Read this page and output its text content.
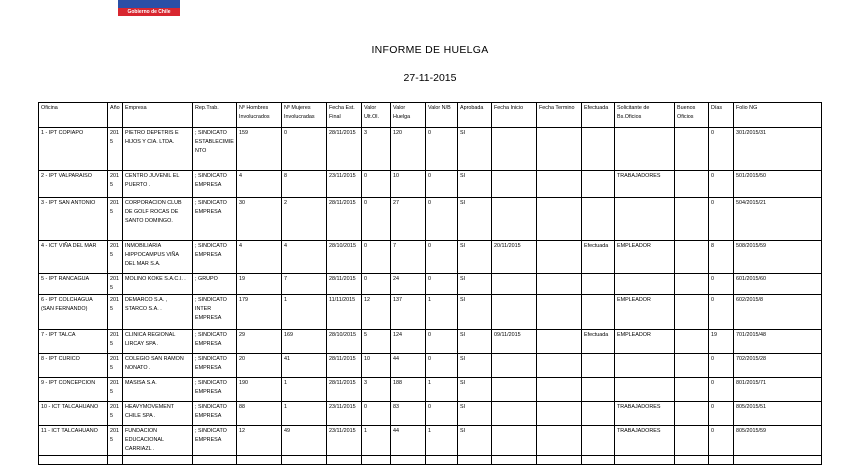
Gobierno de Chile
INFORME DE HUELGA
27-11-2015
Oficina	Año	Empresa	Rep.Trab.	Nº Hombres Involucrados	Nº Mujeres Involucradas	Fecha Est. Final	Valor Ult.Ol.	Valor Huelga	Valor N/B	Aprobada	Fecha Inicio	Fecha Termino	Efectuada	Solicitante de Bs.Oficios	Buenos Oficios	Días	Folio NG
1 - IPT COPIAPO	2015	PIETRO DEPETRIS E HIJOS Y CIA. LTDA.	; SINDICATO ESTABLECIMIENTO	159	0	28/11/2015	3	120	0	SI						0	301/2015/31
2 - IPT VALPARAISO	2015	CENTRO JUVENIL EL PUERTO .	; SINDICATO EMPRESA	4	8	23/11/2015	0	10	0	SI				TRABAJADORES		0	501/2015/50
3 - IPT SAN ANTONIO	2015	CORPORACION CLUB DE GOLF ROCAS DE SANTO DOMINGO.	; SINDICATO EMPRESA	30	2	28/11/2015	0	27	0	SI						0	504/2015/21
4 - ICT VIÑA DEL MAR	2015	INMOBILIARIA HIPPOCAMPUS VIÑA DEL MAR S.A.	; SINDICATO EMPRESA	4	4	28/10/2015	0	7	0	SI	20/11/2015		Efectuada	EMPLEADOR		8	508/2015/59
5 - IPT RANCAGUA	2015	MOLINO KOKE S.A.C.I. .	; GRUPO	19	7	28/11/2015	0	24	0	SI						0	601/2015/60
6 - IPT COLCHAGUA (SAN FERNANDO)	2015	DEMARCO S.A. , STARCO S.A. .	; SINDICATO INTER EMPRESA	179	1	11/11/2015	12	137	1	SI				EMPLEADOR		0	602/2015/8
7 - IPT TALCA	2015	CLINICA REGIONAL LIRCAY SPA .	; SINDICATO EMPRESA	29	169	28/10/2015	5	124	0	SI	09/11/2015		Efectuada	EMPLEADOR		19	701/2015/48
8 - IPT CURICO	2015	COLEGIO SAN RAMON NONATO .	; SINDICATO EMPRESA	20	41	28/11/2015	10	44	0	SI						0	702/2015/28
9 - IPT CONCEPCION	2015	MASISA S.A.	; SINDICATO EMPRESA	190	1	28/11/2015	3	188	1	SI						0	801/2015/71
10 - ICT TALCAHUANO	2015	HEAVYMOVEMENT CHILE SPA .	; SINDICATO EMPRESA	88	1	23/11/2015	0	83	0	SI				TRABAJADORES		0	805/2015/51
11 - ICT TALCAHUANO	2015	FUNDACION EDUCACIONAL CARRIAZL .	; SINDICATO EMPRESA	12	49	23/11/2015	1	44	1	SI				TRABAJADORES		0	805/2015/59
